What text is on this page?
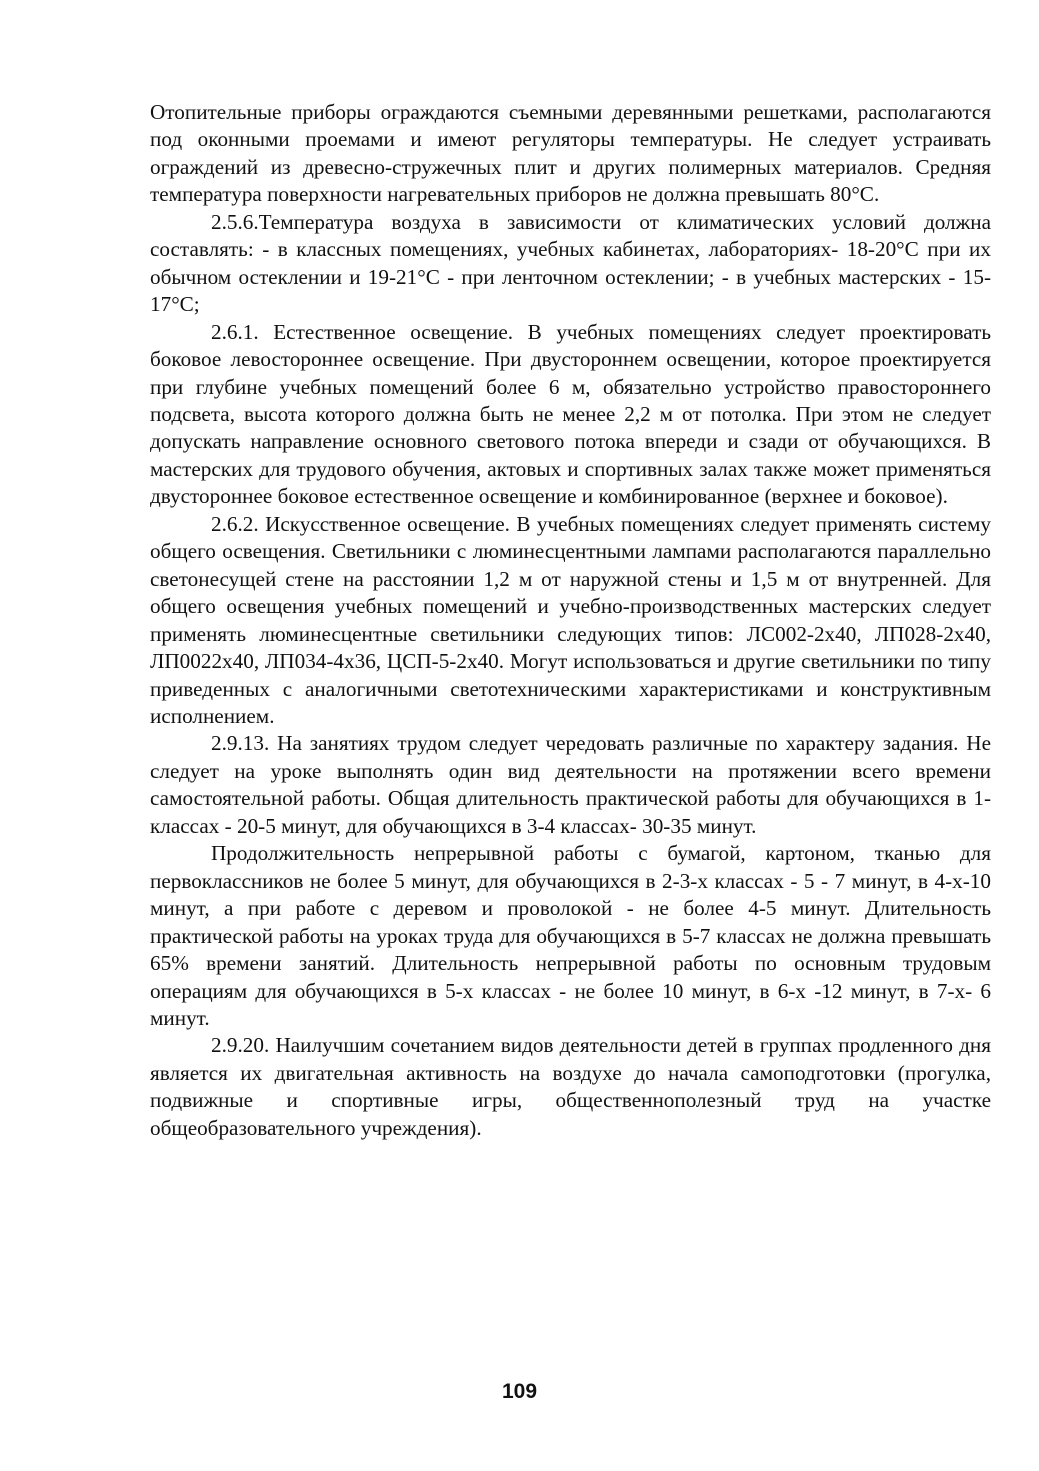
Отопительные приборы ограждаются съемными деревянными решетками, располагаются под оконными проемами и имеют регуляторы температуры. Не следует устраивать ограждений из древесно-стружечных плит и других полимерных материалов. Средняя температура поверхности нагревательных приборов не должна превышать 80°С.

2.5.6.Температура воздуха в зависимости от климатических условий должна составлять: - в классных помещениях, учебных кабинетах, лабораториях- 18-20°С при их обычном остеклении и 19-21°С - при ленточном остеклении; - в учебных мастерских - 15-17°С;

2.6.1. Естественное освещение. В учебных помещениях следует проектировать боковое левостороннее освещение. При двустороннем освещении, которое проектируется при глубине учебных помещений более 6 м, обязательно устройство правостороннего подсвета, высота которого должна быть не менее 2,2 м от потолка. При этом не следует допускать направление основного светового потока впереди и сзади от обучающихся. В мастерских для трудового обучения, актовых и спортивных залах также может применяться двустороннее боковое естественное освещение и комбинированное (верхнее и боковое).

2.6.2. Искусственное освещение. В учебных помещениях следует применять систему общего освещения. Светильники с люминесцентными лампами располагаются параллельно светонесущей стене на расстоянии 1,2 м от наружной стены и 1,5 м от внутренней. Для общего освещения учебных помещений и учебно-производственных мастерских следует применять люминесцентные светильники следующих типов: ЛС002-2х40, ЛП028-2х40, ЛП0022х40, ЛП034-4х36, ЦСП-5-2х40. Могут использоваться и другие светильники по типу приведенных с аналогичными светотехническими характеристиками и конструктивным исполнением.

2.9.13. На занятиях трудом следует чередовать различные по характеру задания. Не следует на уроке выполнять один вид деятельности на протяжении всего времени самостоятельной работы. Общая длительность практической работы для обучающихся в 1-классах - 20-5 минут, для обучающихся в 3-4 классах- 30-35 минут.

Продолжительность непрерывной работы с бумагой, картоном, тканью для первоклассников не более 5 минут, для обучающихся в 2-3-х классах - 5 - 7 минут, в 4-х-10 минут, а при работе с деревом и проволокой - не более 4-5 минут. Длительность практической работы на уроках труда для обучающихся в 5-7 классах не должна превышать 65% времени занятий. Длительность непрерывной работы по основным трудовым операциям для обучающихся в 5-х классах - не более 10 минут, в 6-х -12 минут, в 7-х- 6 минут.

2.9.20. Наилучшим сочетанием видов деятельности детей в группах продленного дня является их двигательная активность на воздухе до начала самоподготовки (прогулка, подвижные и спортивные игры, общественнополезный труд на участке общеобразовательного учреждения).

109
